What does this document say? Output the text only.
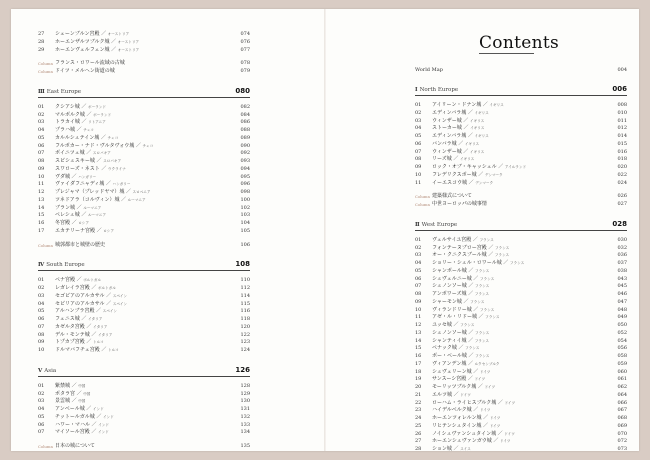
27	シェーンブルン宮殿 ／ オーストリア	074
28	ホーエンザルツブルク城 ／ オーストリア	076
29	ホーエンヴェルフェン城 ／ オーストリア	077
Column フランス・ロワール流域の古城	078
Column ドイツ・メルヘン街道の城	079
Ⅲ East Europe	080
01	クシアシ城 ／ ポーランド	082
02	マルボルク城 ／ ポーランド	084
03	トラカイ城 ／ リトアニア	086
04	プラハ城 ／ チェコ	088
05	カルルシュテイン城 ／ チェコ	089
06	フルボカー・ナド・ヴルタヴォウ城 ／ チェコ	090
07	ボイニツェ城 ／ スロバキア	092
08	スピシュスキー城 ／ スロバキア	093
09	スワローズ・ネスト ／ ウクライナ	094
10	ヴダ城 ／ ハンガリー	095
11	ヴァイダフニャディ城 ／ ハンガリー	096
12	プレジャマ（プレッドヤマ）城 ／ スロベニア	098
13	ツネドアラ（コルヴィン）城 ／ ルーマニア	100
14	ブラン城 ／ ルーマニア	102
15	ペレシュ城 ／ ルーマニア	103
16	冬宮殿 ／ ロシア	104
17	エカテリーナ宮殿 ／ ロシア	105
Column 城郭都市と城壁の歴史	106
Ⅳ South Europe	108
01	ペナ宮殿 ／ ポルトガル	110
02	レガレイラ宮殿 ／ ポルトガル	112
03	セゴビアのアルカサル ／ スペイン	114
04	セビリアのアルカサル ／ スペイン	115
05	アルハンブラ宮殿 ／ スペイン	116
06	フェニス城 ／ イタリア	118
07	カゼルタ宮殿 ／ イタリア	120
08	デル・モンテ城 ／ イタリア	122
09	トプカプ宮殿 ／ トルコ	123
10	ドルマバフチェ宮殿 ／ トルコ	124
Ⅴ Asia	126
01	紫禁城 ／ 中国	128
02	ポタラ宮 ／ 中国	129
03	景雲城 ／ 中国	130
04	アンベール城 ／ インド	131
05	チットールガル城 ／ インド	132
06	ハワー・マハル ／ インド	133
07	マイソール宮殿 ／ インド	134
Column 日本の城について	135
Contents
World Map	004
Ⅰ North Europe	006
01	アイリーン・ドナン城 ／ イギリス	008
02	エディンバラ城 ／ イギリス	010
03	ウィンザー城 ／ イギリス	011
04	ストーカー城 ／ イギリス	012
05	エディンバラ城 ／ イギリス	014
06	バンバラ城 ／ イギリス	015
07	ウィンザー城 ／ イギリス	016
08	リーズ城 ／ イギリス	018
09	ロック・オブ・キャッシェル ／ アイルランド	020
10	フレデリクスボー城 ／ デンマーク	022
11	イーエスコウ城 ／ デンマーク	024
Column 建築様式について	026
Column 中世ヨーロッパの城事情	027
Ⅱ West Europe	028
01	ヴェルサイユ宮殿 ／ フランス	030
02	フォンテーヌブロー宮殿 ／ フランス	032
03	オー・クニクスブール城 ／ フランス	036
04	ショリー・シュル・ロワール城 ／ フランス	037
05	シャンボール城 ／ フランス	038
06	シュヴェルニー城 ／ フランス	043
07	シュノンソー城 ／ フランス	045
08	アンボワーズ城 ／ フランス	046
09	シャーモン城 ／ フランス	047
10	ヴィランドリー城 ／ フランス	048
11	アゼ・ル・リドー城 ／ フランス	049
12	ユッセ城 ／ フランス	050
13	シュノンソー城 ／ フランス	052
14	シャンティイ城 ／ フランス	054
15	ペナック城 ／ フランス	056
16	ボー・ベール城 ／ フランス	058
17	ヴィアンデン城 ／ ルクセンブルク	059
18	シュヴェリーン城 ／ ドイツ	060
19	サンスーシ宮殿 ／ ドイツ	061
20	モーリッツブルク城 ／ ドイツ	062
21	エルツ城 ／ ドイツ	064
22	ローハム・ライヒスブルク城 ／ ドイツ	066
23	ハイデルベルク城 ／ ドイツ	067
24	ホーエンツォレルン城 ／ ドイツ	068
25	リヒテンシュタイン城 ／ ドイツ	069
26	ノイシュヴァンシュタイン城 ／ ドイツ	070
27	ホーエンシュヴァンガウ城 ／ ドイツ	072
28	ション城 ／ スイス	073
